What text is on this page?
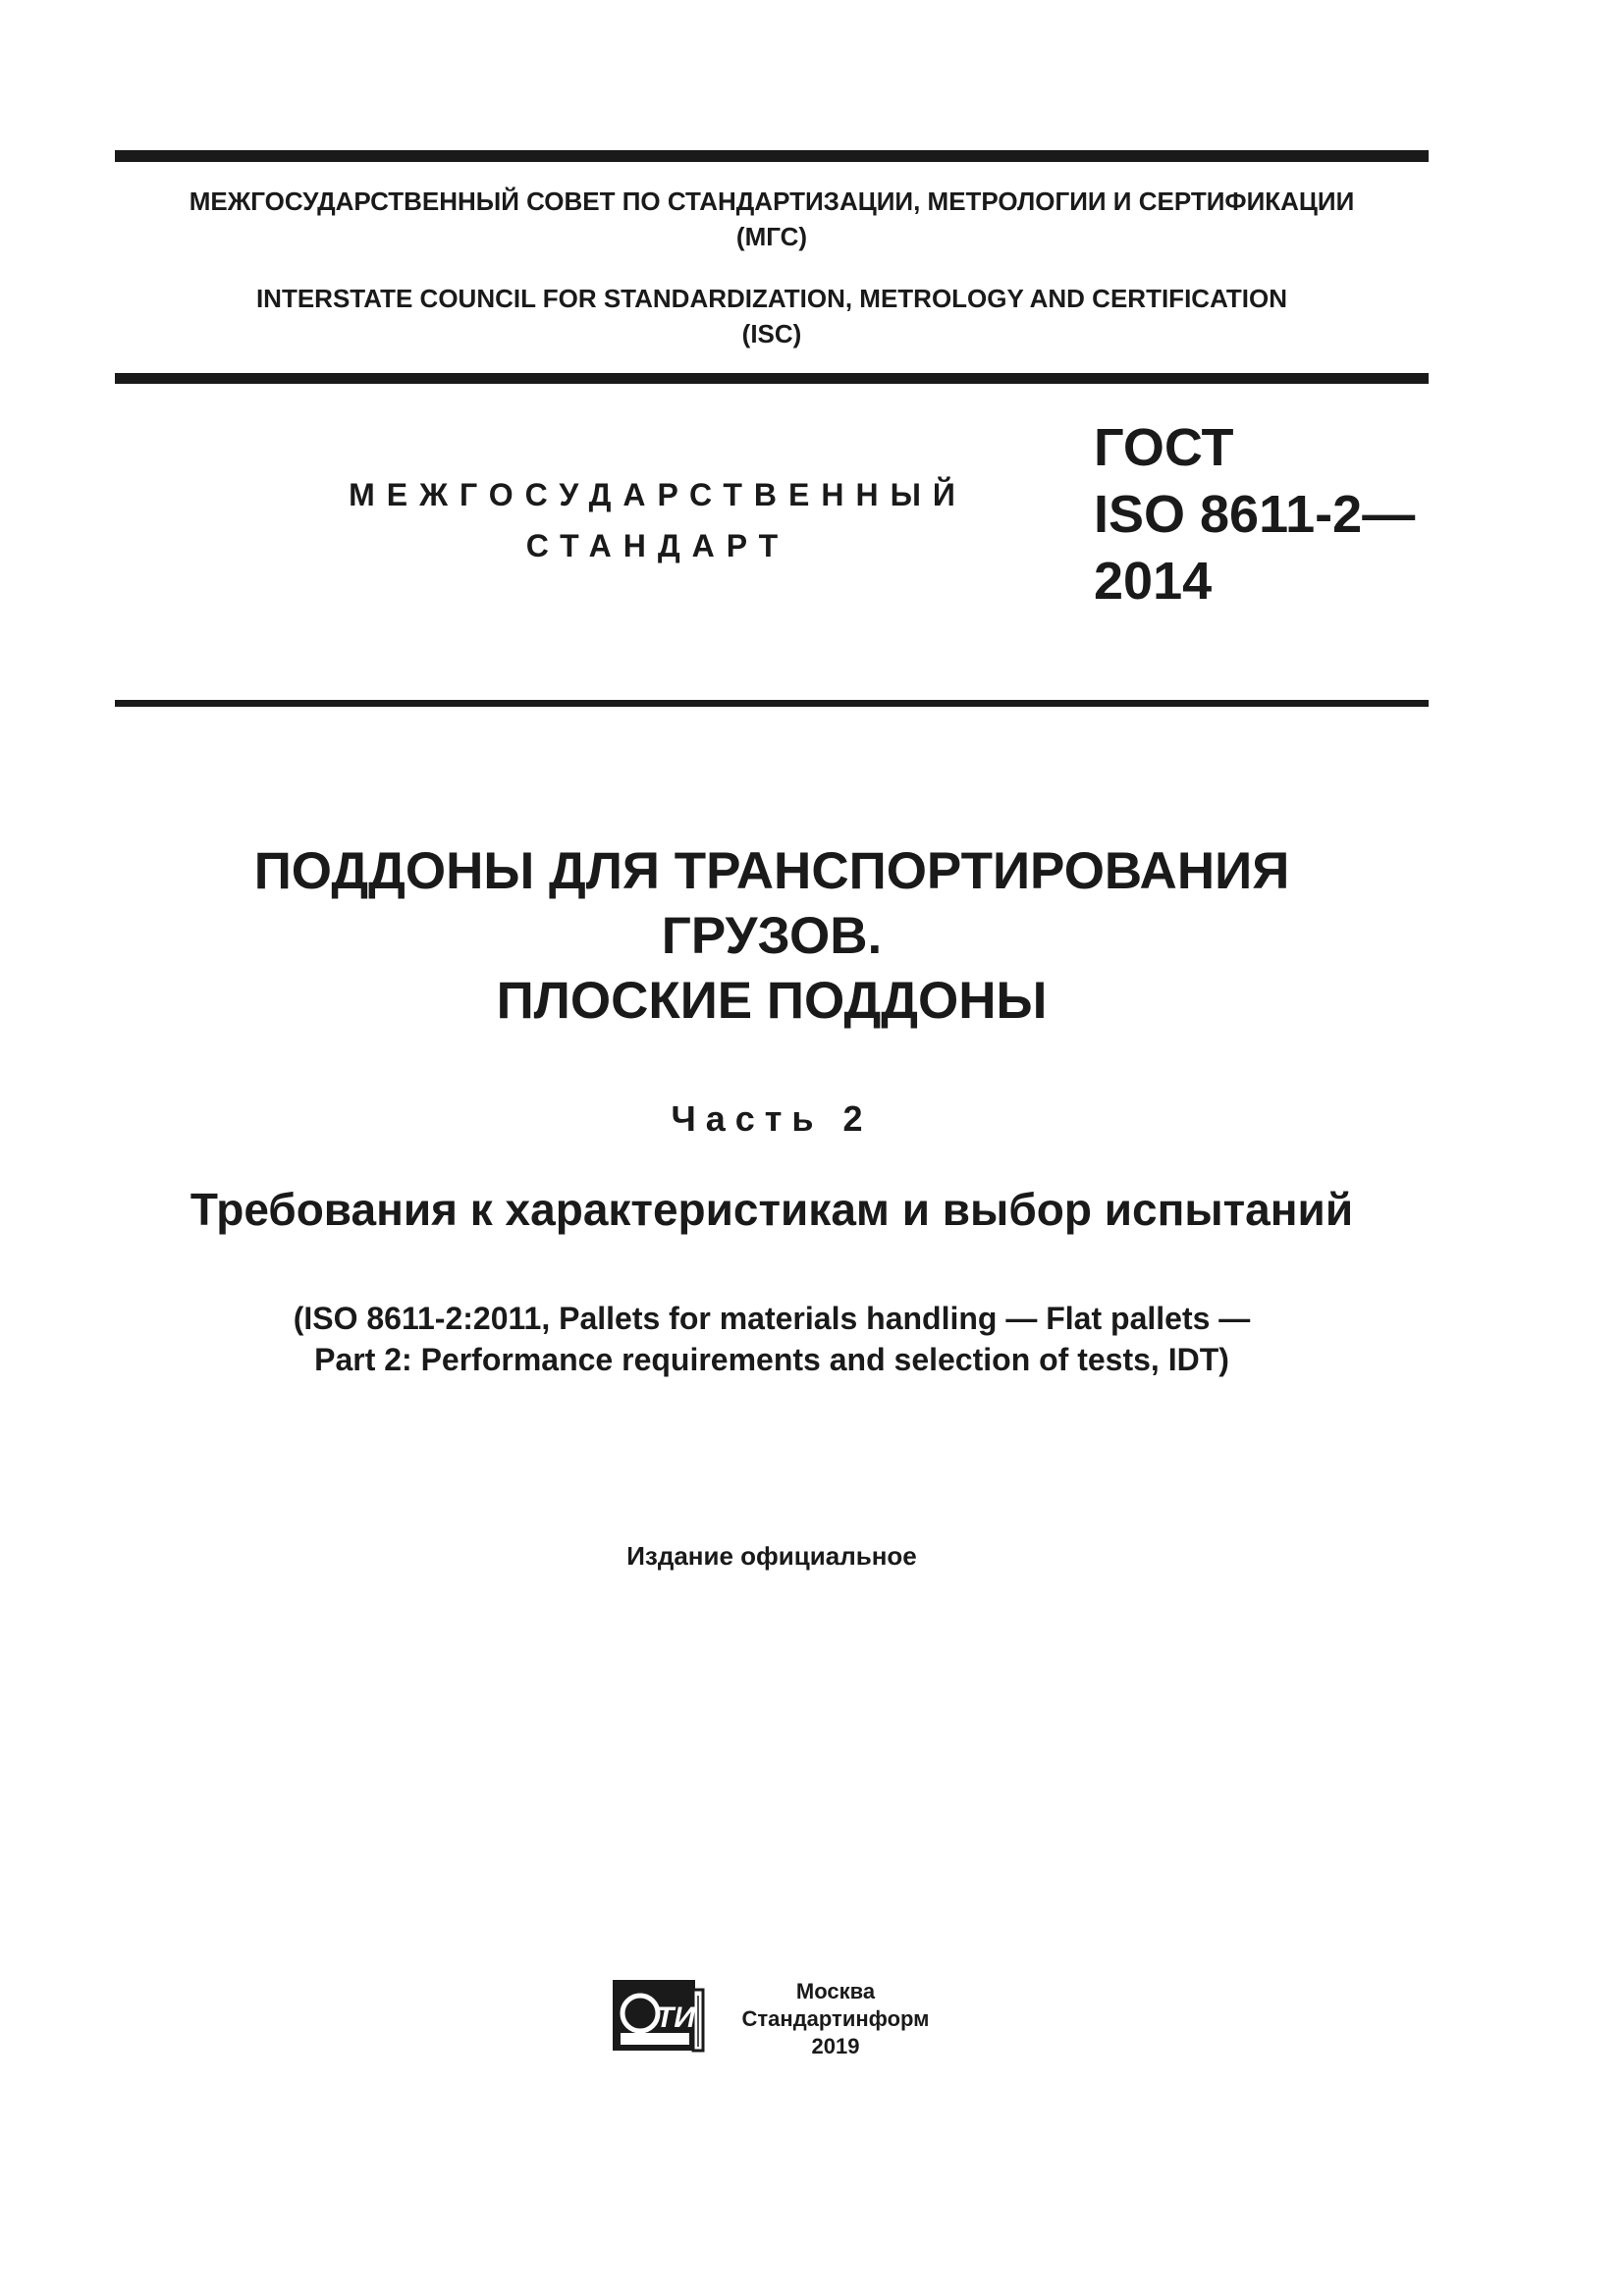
МЕЖГОСУДАРСТВЕННЫЙ СОВЕТ ПО СТАНДАРТИЗАЦИИ, МЕТРОЛОГИИ И СЕРТИФИКАЦИИ
(МГС)
INTERSTATE COUNCIL FOR STANDARDIZATION, METROLOGY AND CERTIFICATION
(ISC)
МЕЖГОСУДАРСТВЕННЫЙ
СТАНДАРТ
ГОСТ
ISO 8611-2—
2014
ПОДДОНЫ ДЛЯ ТРАНСПОРТИРОВАНИЯ
ГРУЗОВ.
ПЛОСКИЕ ПОДДОНЫ
Часть 2
Требования к характеристикам и выбор испытаний
(ISO 8611-2:2011, Pallets for materials handling — Flat pallets —
Part 2: Performance requirements and selection of tests, IDT)
Издание официальное
ТИ
Москва
Стандартинформ
2019
